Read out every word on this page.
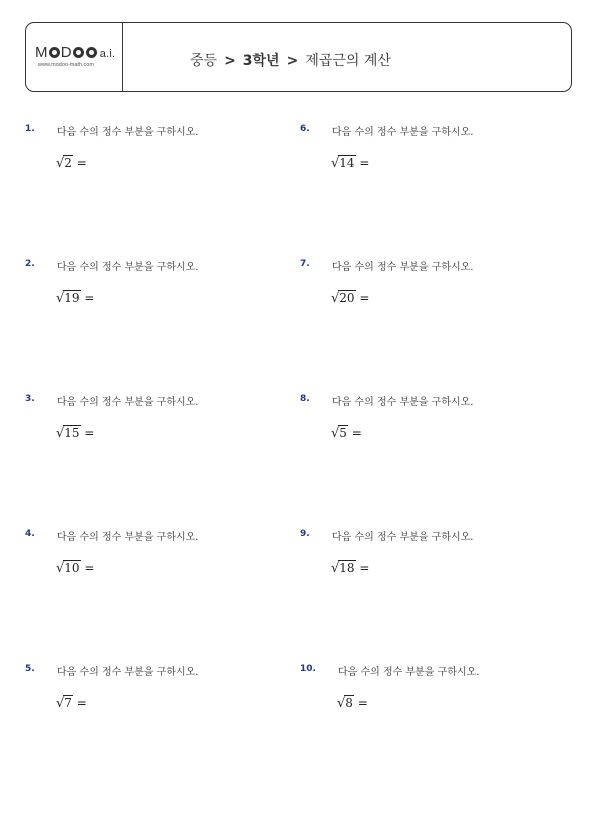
M D	a.i.
www.modoo-math.com	중등 > 3학년 > 제곱근의 계산
1. 다음 수의 정수 부분을 구하시오.
√2 =
2. 다음 수의 정수 부분을 구하시오.
√19 =
3. 다음 수의 정수 부분을 구하시오.
√15 =
4. 다음 수의 정수 부분을 구하시오.
√10 =
5. 다음 수의 정수 부분을 구하시오.
√7 =
6. 다음 수의 정수 부분을 구하시오.
√14 =
7. 다음 수의 정수 부분을 구하시오.
√20 =
8. 다음 수의 정수 부분을 구하시오.
√5 =
9. 다음 수의 정수 부분을 구하시오.
√18 =
10. 다음 수의 정수 부분을 구하시오.
√8 =
